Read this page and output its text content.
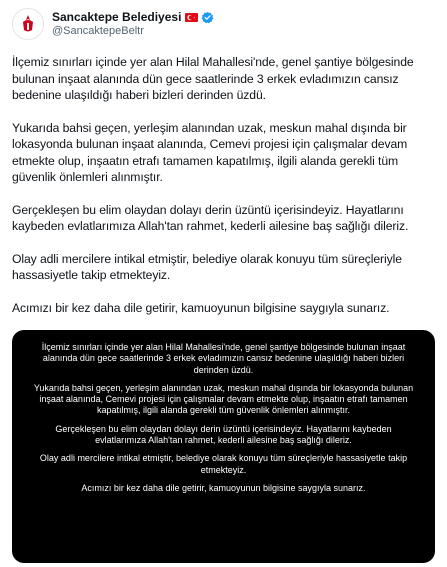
Sancaktepe Belediyesi
@SancaktepeBeltr

İlçemiz sınırları içinde yer alan Hilal Mahallesi'nde, genel şantiye bölgesinde bulunan inşaat alanında dün gece saatlerinde 3 erkek evladımızın cansız bedenine ulaşıldığı haberi bizleri derinden üzdü.

Yukarıda bahsi geçen, yerleşim alanından uzak, meskun mahal dışında bir lokasyonda bulunan inşaat alanında, Cemevi projesi için çalışmalar devam etmekte olup, inşaatın etrafı tamamen kapatılmış, ilgili alanda gerekli tüm güvenlik önlemleri alınmıştır.

Gerçekleşen bu elim olaydan dolayı derin üzüntü içerisindeyiz. Hayatlarını kaybeden evlatlarımıza Allah'tan rahmet, kederli ailesine baş sağlığı dileriz.

Olay adli mercilere intikal etmiştir, belediye olarak konuyu tüm süreçleriyle hassasiyetle takip etmekteyiz.

Acımızı bir kez daha dile getirir, kamuoyunun bilgisine saygıyla sunarız.

İlçemiz sınırları içinde yer alan Hilal Mahallesi'nde, genel şantiye bölgesinde bulunan inşaat alanında dün gece saatlerinde 3 erkek evladımızın cansız bedenine ulaşıldığı haberi bizleri derinden üzdü.

Yukarıda bahsi geçen, yerleşim alanından uzak, meskun mahal dışında bir lokasyonda bulunan inşaat alanında, Cemevi projesi için çalışmalar devam etmekte olup, inşaatın etrafı tamamen kapatılmış, ilgili alanda gerekli tüm güvenlik önlemleri alınmıştır.

Gerçekleşen bu elim olaydan dolayı derin üzüntü içerisindeyiz. Hayatlarını kaybeden evlatlarımıza Allah'tan rahmet, kederli ailesine baş sağlığı dileriz.

Olay adli mercilere intikal etmiştir, belediye olarak konuyu tüm süreçleriyle hassasiyetle takip etmekteyiz.

Acımızı bir kez daha dile getirir, kamuoyunun bilgisine saygıyla sunarız.
